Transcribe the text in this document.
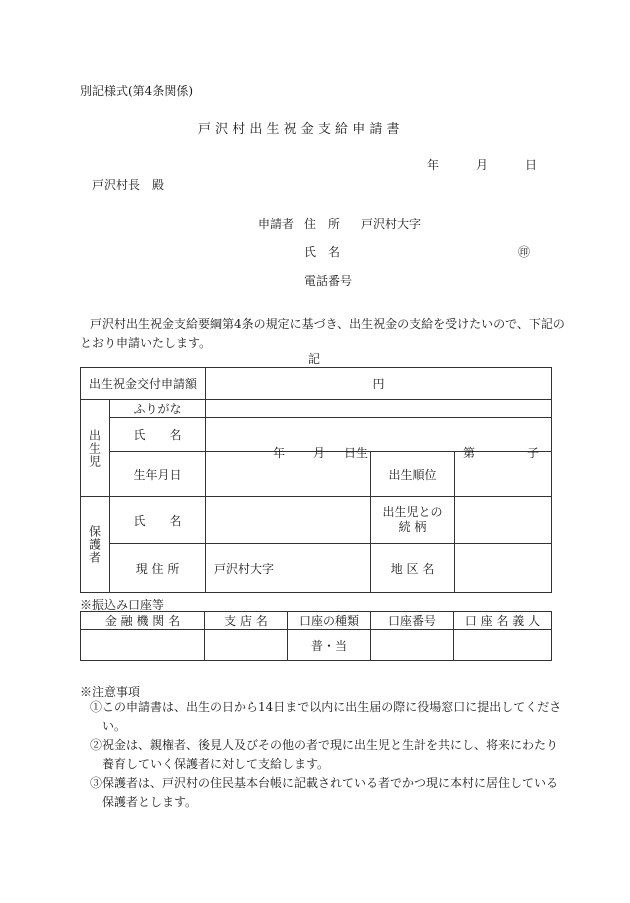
別記様式(第4条関係)
戸 沢 村 出 生 祝 金 支 給 申 請 書
年	月	日
戸沢村長　殿
申請者 住　所 戸沢村大字
氏　名	㊞
電話番号
戸沢村出生祝金支給要綱第4条の規定に基づき、出生祝金の支給を受けたいので、下記の
とおり申請いたします。
記
出生祝金交付申請額		円		

出生児	ふりがな			
	氏　　名			
	生年月日	年 月 日生	出生順位	第 子

保護者	氏　　名		出生児との
続 柄	

	現 住 所	戸沢村大字	地 区 名	
※振込み口座等
金 融 機 関 名	支 店 名	口座の種類	口座番号	口 座 名 義 人
		普・当		
※注意事項
①この申請書は、出生の日から14日まで以内に出生届の際に役場窓口に提出してくださ
い。
②祝金は、親権者、後見人及びその他の者で現に出生児と生計を共にし、将来にわたり
養育していく保護者に対して支給します。
③保護者は、戸沢村の住民基本台帳に記載されている者でかつ現に本村に居住している
保護者とします。
